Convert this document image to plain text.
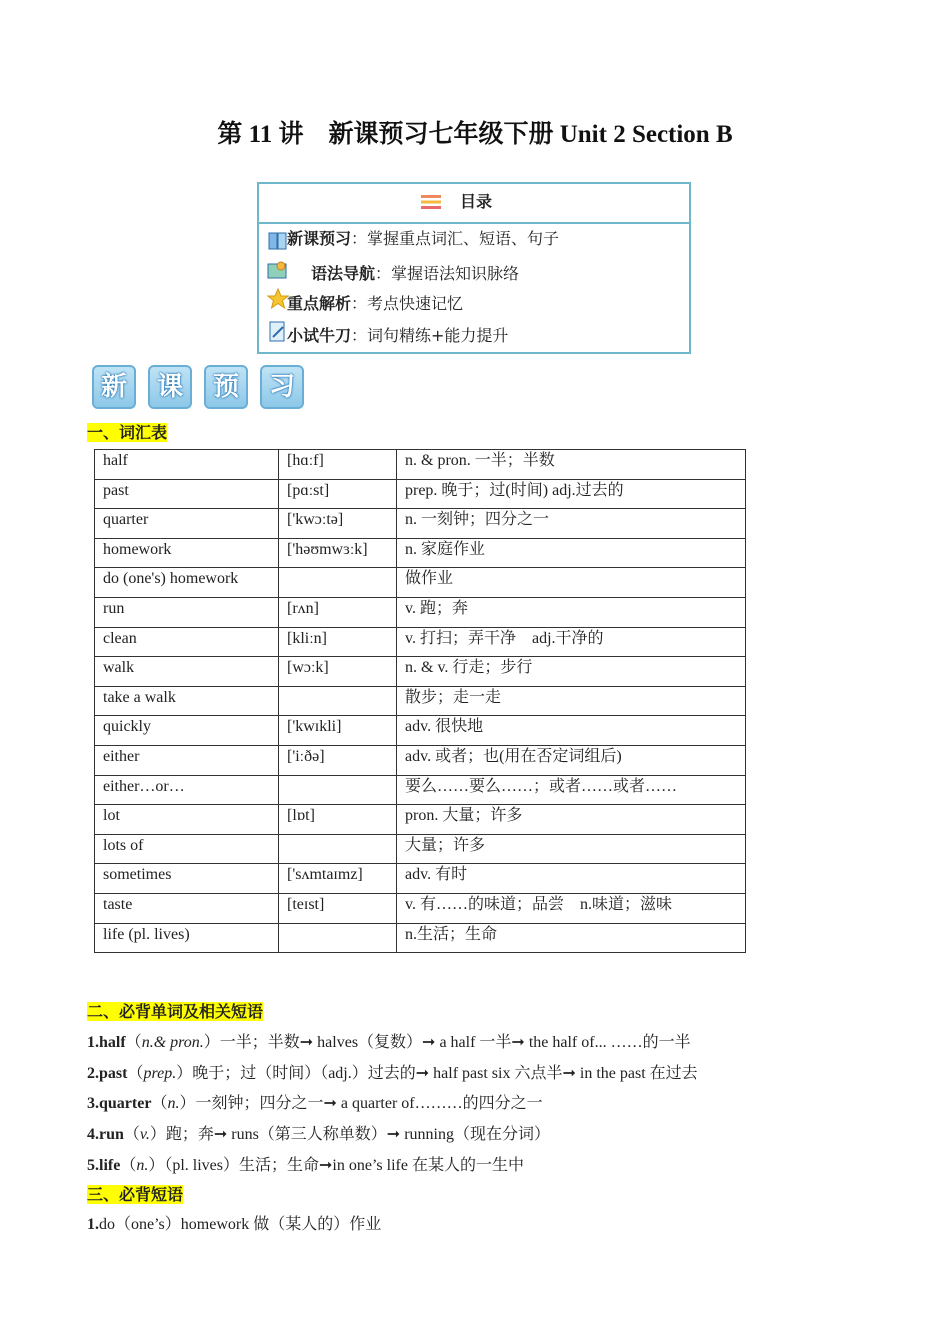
第 11 讲　新课预习七年级下册 Unit 2 Section B
目录
新课预习：掌握重点词汇、短语、句子
语法导航：掌握语法知识脉络
重点解析：考点快速记忆
小试牛刀：词句精练+能力提升
新	课	预	习
一、词汇表
half	[hɑːf]	n. & pron. 一半；半数
past	[pɑːst]	prep. 晚于；过(时间) adj.过去的
quarter	['kwɔːtə]	n. 一刻钟；四分之一
homework	['həʊmwɜːk]	n. 家庭作业
do (one's) homework		做作业
run	[rʌn]	v. 跑；奔
clean	[kliːn]	v. 打扫；弄干净　adj.干净的
walk	[wɔːk]	n. & v. 行走；步行
take a walk		散步；走一走
quickly	['kwɪkli]	adv. 很快地
either	['iːðə]	adv. 或者；也(用在否定词组后)
either…or…		要么……要么……；或者……或者……
lot	[lɒt]	pron. 大量；许多
lots of		大量；许多
sometimes	['sʌmtaɪmz]	adv. 有时
taste	[teɪst]	v. 有……的味道；品尝　n.味道；滋味
life (pl. lives)		n.生活；生命
二、必背单词及相关短语
1.half（n.& pron.）一半；半数➞ halves（复数）➞ a half 一半➞ the half of... ……的一半
2.past（prep.）晚于；过（时间）（adj.）过去的➞ half past six 六点半➞ in the past 在过去
3.quarter（n.）一刻钟；四分之一➞ a quarter of………的四分之一
4.run（v.）跑；奔➞ runs（第三人称单数）➞ running（现在分词）
5.life（n.）（pl. lives）生活；生命➞in one’s life 在某人的一生中
三、必背短语
1.do（one’s）homework 做（某人的）作业
